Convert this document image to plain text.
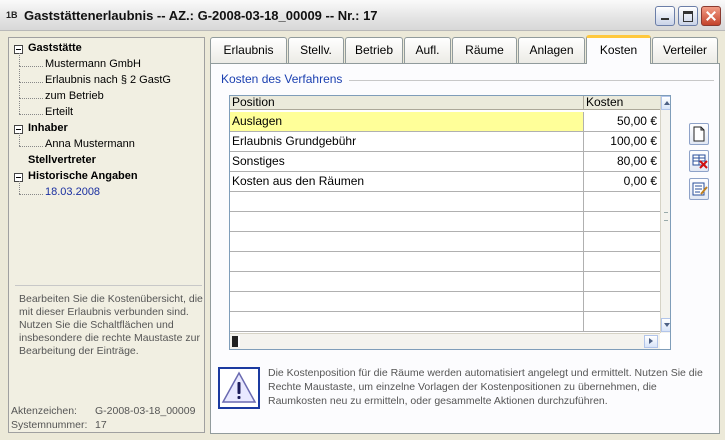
1B Gaststättenerlaubnis -- AZ.: G-2008-03-18_00009 -- Nr.: 17
Gaststätte
Mustermann GmbH
Erlaubnis nach § 2 GastG
zum Betrieb
Erteilt
Inhaber
Anna Mustermann
Stellvertreter
Historische Angaben
18.03.2008
Bearbeiten Sie die Kostenübersicht, die mit dieser Erlaubnis verbunden sind. Nutzen Sie die Schaltflächen und insbesondere die rechte Maustaste zur Bearbeitung der Einträge.
Aktenzeichen: G-2008-03-18_00009
Systemnummer: 17
Erlaubnis	Stellv.	Betrieb	Aufl.	Räume	Anlagen	Kosten	Verteiler
Kosten des Verfahrens
Position	Kosten
Auslagen	50,00 €
Erlaubnis Grundgebühr	100,00 €
Sonstiges	80,00 €
Kosten aus den Räumen	0,00 €
Die Kostenposition für die Räume werden automatisiert angelegt und ermittelt. Nutzen Sie die Rechte Maustaste, um einzelne Vorlagen der Kostenpositionen zu übernehmen, die Raumkosten neu zu ermitteln, oder gesammelte Aktionen durchzuführen.
